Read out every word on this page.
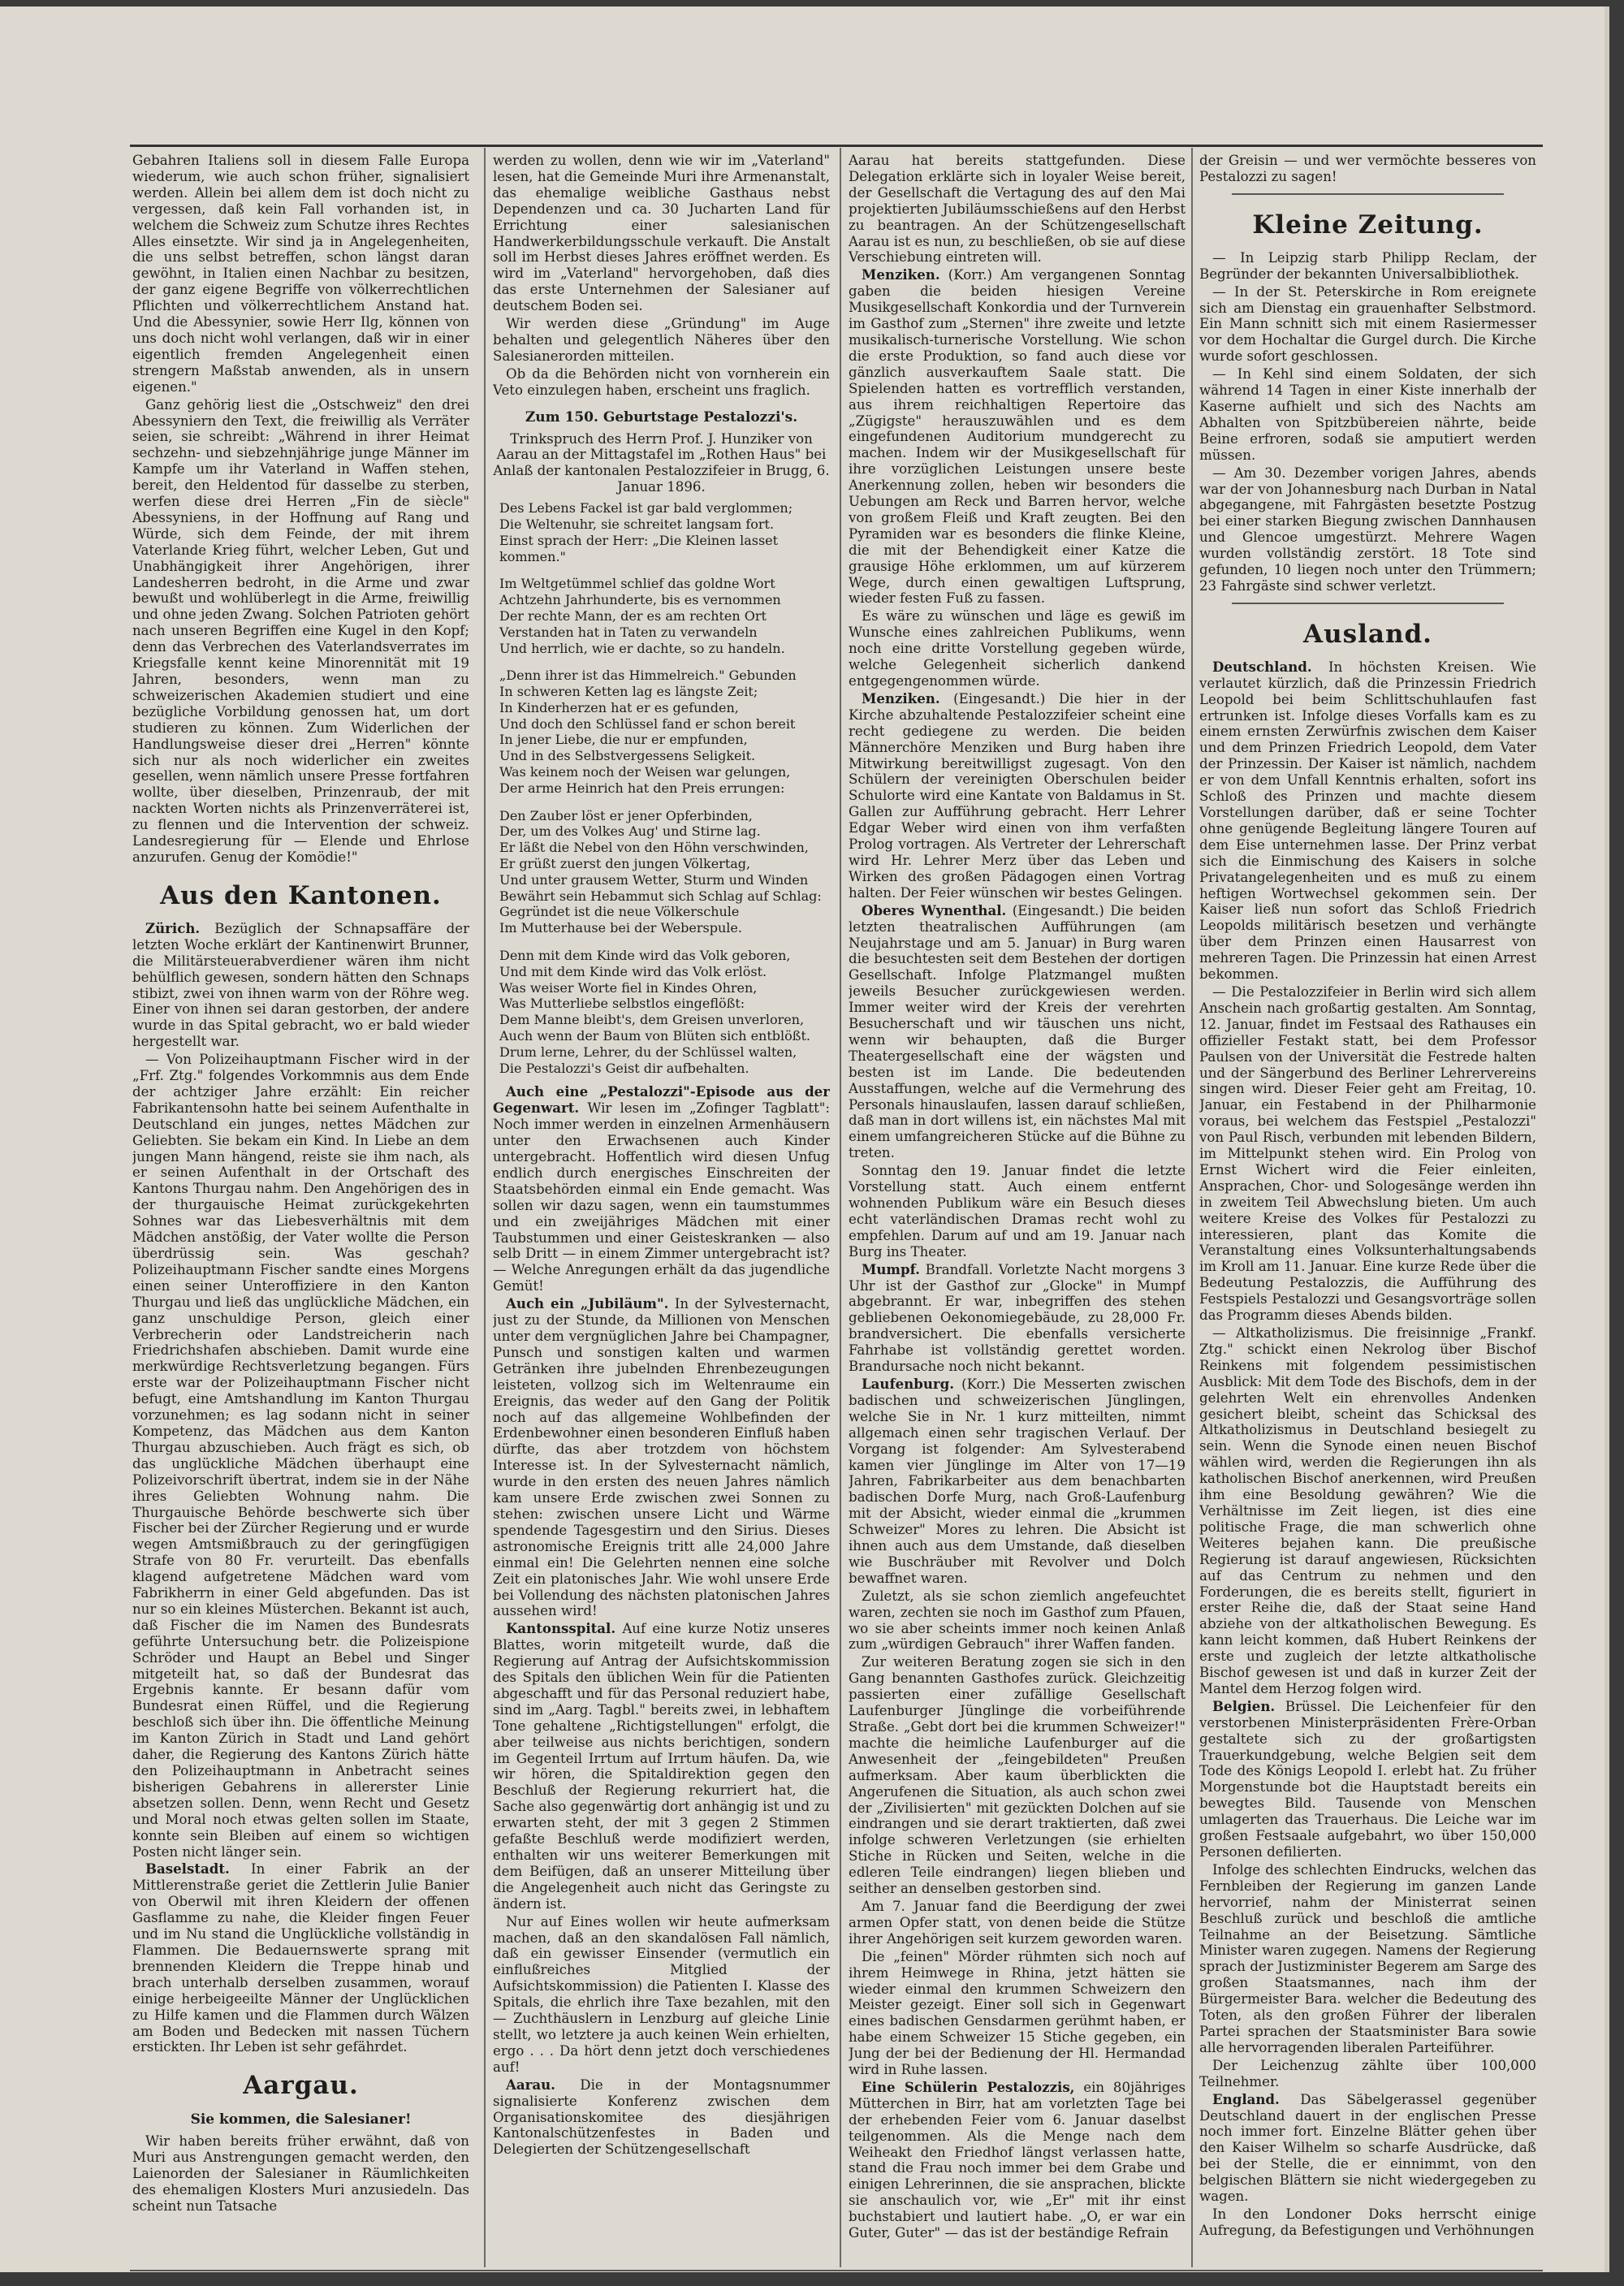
Gebahren Italiens soll in diesem Falle Europa wiederum, wie auch schon früher, signalisiert werden. Allein bei allem dem ist doch nicht zu vergessen, daß kein Fall vorhanden ist, in welchem die Schweiz zum Schutze ihres Rechtes Alles einsetzte. Wir sind ja in Angelegenheiten, die uns selbst betreffen, schon längst daran gewöhnt, in Italien einen Nachbar zu besitzen, der ganz eigene Begriffe von völkerrechtlichen Pflichten und völkerrechtlichem Anstand hat. Und die Abessynier, sowie Herr Ilg, können von uns doch nicht wohl verlangen, daß wir in einer eigentlich fremden Angelegenheit einen strengern Maßstab anwenden, als in unsern eigenen."

Ganz gehörig liest die „Ostschweiz" den drei Abessyniern den Text, die freiwillig als Verräter seien, sie schreibt: „Während in ihrer Heimat sechzehn- und siebzehnjährige junge Männer im Kampfe um ihr Vaterland in Waffen stehen, bereit, den Heldentod für dasselbe zu sterben, werfen diese drei Herren „Fin de siècle" Abessyniens, in der Hoffnung auf Rang und Würde, sich dem Feinde, der mit ihrem Vaterlande Krieg führt, welcher Leben, Gut und Unabhängigkeit ihrer Angehörigen, ihrer Landesherren bedroht, in die Arme und zwar bewußt und wohlüberlegt in die Arme, freiwillig und ohne jeden Zwang. Solchen Patrioten gehört nach unseren Begriffen eine Kugel in den Kopf; denn das Verbrechen des Vaterlandsverrates im Kriegsfalle kennt keine Minorennität mit 19 Jahren, besonders, wenn man zu schweizerischen Akademien studiert und eine bezügliche Vorbildung genossen hat, um dort studieren zu können. Zum Widerlichen der Handlungsweise dieser drei „Herren" könnte sich nur als noch widerlicher ein zweites gesellen, wenn nämlich unsere Presse fortfahren wollte, über dieselben, Prinzenraub, der mit nackten Worten nichts als Prinzenverräterei ist, zu flennen und die Intervention der schweiz. Landesregierung für — Elende und Ehrlose anzurufen. Genug der Komödie!"

Aus den Kantonen.

Zürich. Bezüglich der Schnapsaffäre der letzten Woche erklärt der Kantinenwirt Brunner, die Militärsteuerabverdiener wären ihm nicht behülflich gewesen, sondern hätten den Schnaps stibizt, zwei von ihnen warm von der Röhre weg. Einer von ihnen sei daran gestorben, der andere wurde in das Spital gebracht, wo er bald wieder hergestellt war.

— Von Polizeihauptmann Fischer wird in der „Frf. Ztg." folgendes Vorkommnis aus dem Ende der achtziger Jahre erzählt: Ein reicher Fabrikantensohn hatte bei seinem Aufenthalte in Deutschland ein junges, nettes Mädchen zur Geliebten. Sie bekam ein Kind. In Liebe an dem jungen Mann hängend, reiste sie ihm nach, als er seinen Aufenthalt in der Ortschaft des Kantons Thurgau nahm. Den Angehörigen des in der thurgauische Heimat zurückgekehrten Sohnes war das Liebesverhältnis mit dem Mädchen anstößig, der Vater wollte die Person überdrüssig sein. Was geschah? Polizeihauptmann Fischer sandte eines Morgens einen seiner Unteroffiziere in den Kanton Thurgau und ließ das unglückliche Mädchen, ein ganz unschuldige Person, gleich einer Verbrecherin oder Landstreicherin nach Friedrichshafen abschieben. Damit wurde eine merkwürdige Rechtsverletzung begangen. Fürs erste war der Polizeihauptmann Fischer nicht befugt, eine Amtshandlung im Kanton Thurgau vorzunehmen; es lag sodann nicht in seiner Kompetenz, das Mädchen aus dem Kanton Thurgau abzuschieben. Auch frägt es sich, ob das unglückliche Mädchen überhaupt eine Polizeivorschrift übertrat, indem sie in der Nähe ihres Geliebten Wohnung nahm. Die Thurgauische Behörde beschwerte sich über Fischer bei der Zürcher Regierung und er wurde wegen Amtsmißbrauch zu der geringfügigen Strafe von 80 Fr. verurteilt. Das ebenfalls klagend aufgetretene Mädchen ward vom Fabrikherrn in einer Geld abgefunden. Das ist nur so ein kleines Müsterchen. Bekannt ist auch, daß Fischer die im Namen des Bundesrats geführte Untersuchung betr. die Polizeispione Schröder und Haupt an Bebel und Singer mitgeteilt hat, so daß der Bundesrat das Ergebnis kannte. Er besann dafür vom Bundesrat einen Rüffel, und die Regierung beschloß sich über ihn. Die öffentliche Meinung im Kanton Zürich in Stadt und Land gehört daher, die Regierung des Kantons Zürich hätte den Polizeihauptmann in Anbetracht seines bisherigen Gebahrens in allererster Linie absetzen sollen. Denn, wenn Recht und Gesetz und Moral noch etwas gelten sollen im Staate, konnte sein Bleiben auf einem so wichtigen Posten nicht länger sein.

Baselstadt. In einer Fabrik an der Mittlerenstraße geriet die Zettlerin Julie Banier von Oberwil mit ihren Kleidern der offenen Gasflamme zu nahe, die Kleider fingen Feuer und im Nu stand die Unglückliche vollständig in Flammen. Die Bedauernswerte sprang mit brennenden Kleidern die Treppe hinab und brach unterhalb derselben zusammen, worauf einige herbeigeeilte Männer der Unglücklichen zu Hilfe kamen und die Flammen durch Wälzen am Boden und Bedecken mit nassen Tüchern erstickten. Ihr Leben ist sehr gefährdet.

Aargau.
Sie kommen, die Salesianer!

Wir haben bereits früher erwähnt, daß von Muri aus Anstrengungen gemacht werden, den Laienorden der Salesianer in Räumlichkeiten des ehemaligen Klosters Muri anzusiedeln. Das scheint nun Tatsache

werden zu wollen, denn wie wir im „Vaterland" lesen, hat die Gemeinde Muri ihre Armenanstalt, das ehemalige weibliche Gasthaus nebst Dependenzen und ca. 30 Jucharten Land für Errichtung einer salesianischen Handwerkerbildungsschule verkauft. Die Anstalt soll im Herbst dieses Jahres eröffnet werden. Es wird im „Vaterland" hervorgehoben, daß dies das erste Unternehmen der Salesianer auf deutschem Boden sei.

Wir werden diese „Gründung" im Auge behalten und gelegentlich Näheres über den Salesianerorden mitteilen.

Ob da die Behörden nicht von vornherein ein Veto einzulegen haben, erscheint uns fraglich.

Zum 150. Geburtstage Pestalozzi's.

Trinkspruch des Herrn Prof. J. Hunziker von Aarau an der Mittagstafel im „Rothen Haus" bei Anlaß der kantonalen Pestalozzifeier in Brugg, 6. Januar 1896.

Des Lebens Fackel ist gar bald verglommen;
Die Weltenuhr, sie schreitet langsam fort.
Einst sprach der Herr: „Die Kleinen lasset kommen."
Im Weltgetümmel schlief das goldne Wort
Achtzehn Jahrhunderte, bis es vernommen
Der rechte Mann, der es am rechten Ort
Verstanden hat in Taten zu verwandeln
Und herrlich, wie er dachte, so zu handeln.
„Denn ihrer ist das Himmelreich." Gebunden
In schweren Ketten lag es längste Zeit;
In Kinderherzen hat er es gefunden,
Und doch den Schlüssel fand er schon bereit
In jener Liebe, die nur er empfunden,
Und in des Selbstvergessens Seligkeit.
Was keinem noch der Weisen war gelungen,
Der arme Heinrich hat den Preis errungen:
Den Zauber löst er jener Opferbinden,
Der, um des Volkes Aug' und Stirne lag.
Er läßt die Nebel von den Höhn verschwinden,
Er grüßt zuerst den jungen Völkertag,
Und unter grausem Wetter, Sturm und Winden
Bewährt sein Hebammut sich Schlag auf Schlag:
Gegründet ist die neue Völkerschule
Im Mutterhause bei der Weberspule.
Denn mit dem Kinde wird das Volk geboren,
Und mit dem Kinde wird das Volk erlöst.
Was weiser Worte fiel in Kindes Ohren,
Was Mutterliebe selbstlos eingeflößt:
Dem Manne bleibt's, dem Greisen unverloren,
Auch wenn der Baum von Blüten sich entblößt.
Drum lerne, Lehrer, du der Schlüssel walten,
Die Pestalozzi's Geist dir aufbehalten.

Auch eine „Pestalozzi"-Episode aus der Gegenwart. Wir lesen im „Zofinger Tagblatt": Noch immer werden in einzelnen Armenhäusern unter den Erwachsenen auch Kinder untergebracht. Hoffentlich wird diesen Unfug endlich durch energisches Einschreiten der Staatsbehörden einmal ein Ende gemacht. Was sollen wir dazu sagen, wenn ein taumstummes und ein zweijähriges Mädchen mit einer Taubstummen und einer Geisteskranken — also selb Dritt — in einem Zimmer untergebracht ist? — Welche Anregungen erhält da das jugendliche Gemüt!

Auch ein „Jubiläum". In der Sylvesternacht, just zu der Stunde, da Millionen von Menschen unter dem vergnüglichen Jahre bei Champagner, Punsch und sonstigen kalten und warmen Getränken ihre jubelnden Ehrenbezeugungen leisteten, vollzog sich im Weltenraume ein Ereignis, das weder auf den Gang der Politik noch auf das allgemeine Wohlbefinden der Erdenbewohner einen besonderen Einfluß haben dürfte, das aber trotzdem von höchstem Interesse ist. In der Sylvesternacht nämlich, wurde in den ersten des neuen Jahres nämlich kam unsere Erde zwischen zwei Sonnen zu stehen: zwischen unsere Licht und Wärme spendende Tagesgestirn und den Sirius. Dieses astronomische Ereignis tritt alle 24,000 Jahre einmal ein! Die Gelehrten nennen eine solche Zeit ein platonisches Jahr. Wie wohl unsere Erde bei Vollendung des nächsten platonischen Jahres aussehen wird!

Kantonsspital. Auf eine kurze Notiz unseres Blattes, worin mitgeteilt wurde, daß die Regierung auf Antrag der Aufsichtskommission des Spitals den üblichen Wein für die Patienten abgeschafft und für das Personal reduziert habe, sind im „Aarg. Tagbl." bereits zwei, in lebhaftem Tone gehaltene „Richtigstellungen" erfolgt, die aber teilweise aus nichts berichtigen, sondern im Gegenteil Irrtum auf Irrtum häufen. Da, wie wir hören, die Spitaldirektion gegen den Beschluß der Regierung rekurriert hat, die Sache also gegenwärtig dort anhängig ist und zu erwarten steht, der mit 3 gegen 2 Stimmen gefaßte Beschluß werde modifiziert werden, enthalten wir uns weiterer Bemerkungen mit dem Beifügen, daß an unserer Mitteilung über die Angelegenheit auch nicht das Geringste zu ändern ist.

Nur auf Eines wollen wir heute aufmerksam machen, daß an den skandalösen Fall nämlich, daß ein gewisser Einsender (vermutlich ein einflußreiches Mitglied der Aufsichtskommission) die Patienten I. Klasse des Spitals, die ehrlich ihre Taxe bezahlen, mit den — Zuchthäuslern in Lenzburg auf gleiche Linie stellt, wo letztere ja auch keinen Wein erhielten, ergo . . . Da hört denn jetzt doch verschiedenes auf!

Aarau. Die in der Montagsnummer signalisierte Konferenz zwischen dem Organisationskomitee des diesjährigen Kantonalschützenfestes in Baden und Delegierten der Schützengesellschaft

Aarau hat bereits stattgefunden. Diese Delegation erklärte sich in loyaler Weise bereit, der Gesellschaft die Vertagung des auf den Mai projektierten Jubiläumsschießens auf den Herbst zu beantragen. An der Schützengesellschaft Aarau ist es nun, zu beschließen, ob sie auf diese Verschiebung eintreten will.

Menziken. (Korr.) Am vergangenen Sonntag gaben die beiden hiesigen Vereine Musikgesellschaft Konkordia und der Turnverein im Gasthof zum „Sternen" ihre zweite und letzte musikalisch-turnerische Vorstellung. Wie schon die erste Produktion, so fand auch diese vor gänzlich ausverkauftem Saale statt. Die Spielenden hatten es vortrefflich verstanden, aus ihrem reichhaltigen Repertoire das „Zügigste" herauszuwählen und es dem eingefundenen Auditorium mundgerecht zu machen. Indem wir der Musikgesellschaft für ihre vorzüglichen Leistungen unsere beste Anerkennung zollen, heben wir besonders die Uebungen am Reck und Barren hervor, welche von großem Fleiß und Kraft zeugten. Bei den Pyramiden war es besonders die flinke Kleine, die mit der Behendigkeit einer Katze die grausige Höhe erklommen, um auf kürzerem Wege, durch einen gewaltigen Luftsprung, wieder festen Fuß zu fassen.

Es wäre zu wünschen und läge es gewiß im Wunsche eines zahlreichen Publikums, wenn noch eine dritte Vorstellung gegeben würde, welche Gelegenheit sicherlich dankend entgegengenommen würde.

Menziken. (Eingesandt.) Die hier in der Kirche abzuhaltende Pestalozzifeier scheint eine recht gediegene zu werden. Die beiden Männerchöre Menziken und Burg haben ihre Mitwirkung bereitwilligst zugesagt. Von den Schülern der vereinigten Oberschulen beider Schulorte wird eine Kantate von Baldamus in St. Gallen zur Aufführung gebracht. Herr Lehrer Edgar Weber wird einen von ihm verfaßten Prolog vortragen. Als Vertreter der Lehrerschaft wird Hr. Lehrer Merz über das Leben und Wirken des großen Pädagogen einen Vortrag halten. Der Feier wünschen wir bestes Gelingen.

Oberes Wynenthal. (Eingesandt.) Die beiden letzten theatralischen Aufführungen (am Neujahrstage und am 5. Januar) in Burg waren die besuchtesten seit dem Bestehen der dortigen Gesellschaft. Infolge Platzmangel mußten jeweils Besucher zurückgewiesen werden. Immer weiter wird der Kreis der verehrten Besucherschaft und wir täuschen uns nicht, wenn wir behaupten, daß die Burger Theatergesellschaft eine der wägsten und besten ist im Lande. Die bedeutenden Ausstaffungen, welche auf die Vermehrung des Personals hinauslaufen, lassen darauf schließen, daß man in dort willens ist, ein nächstes Mal mit einem umfangreicheren Stücke auf die Bühne zu treten.

Sonntag den 19. Januar findet die letzte Vorstellung statt. Auch einem entfernt wohnenden Publikum wäre ein Besuch dieses echt vaterländischen Dramas recht wohl zu empfehlen. Darum auf und am 19. Januar nach Burg ins Theater.

Mumpf. Brandfall. Vorletzte Nacht morgens 3 Uhr ist der Gasthof zur „Glocke" in Mumpf abgebrannt. Er war, inbegriffen des stehen gebliebenen Oekonomiegebäude, zu 28,000 Fr. brandversichert. Die ebenfalls versicherte Fahrhabe ist vollständig gerettet worden. Brandursache noch nicht bekannt.

Laufenburg. (Korr.) Die Messerten zwischen badischen und schweizerischen Jünglingen, welche Sie in Nr. 1 kurz mitteilten, nimmt allgemach einen sehr tragischen Verlauf. Der Vorgang ist folgender: Am Sylvesterabend kamen vier Jünglinge im Alter von 17—19 Jahren, Fabrikarbeiter aus dem benachbarten badischen Dorfe Murg, nach Groß-Laufenburg mit der Absicht, wieder einmal die „krummen Schweizer" Mores zu lehren. Die Absicht ist ihnen auch aus dem Umstande, daß dieselben wie Buschräuber mit Revolver und Dolch bewaffnet waren.

Zuletzt, als sie schon ziemlich angefeuchtet waren, zechten sie noch im Gasthof zum Pfauen, wo sie aber scheints immer noch keinen Anlaß zum „würdigen Gebrauch" ihrer Waffen fanden.

Zur weiteren Beratung zogen sie sich in den Gang benannten Gasthofes zurück. Gleichzeitig passierten einer zufällige Gesellschaft Laufenburger Jünglinge die vorbeiführende Straße. „Gebt dort bei die krummen Schweizer!" machte die heimliche Laufenburger auf die Anwesenheit der „feingebildeten" Preußen aufmerksam. Aber kaum überblickten die Angerufenen die Situation, als auch schon zwei der „Zivilisierten" mit gezückten Dolchen auf sie eindrangen und sie derart traktierten, daß zwei infolge schweren Verletzungen (sie erhielten Stiche in Rücken und Seiten, welche in die edleren Teile eindrangen) liegen blieben und seither an denselben gestorben sind.

Am 7. Januar fand die Beerdigung der zwei armen Opfer statt, von denen beide die Stütze ihrer Angehörigen seit kurzem geworden waren.

Die „feinen" Mörder rühmten sich noch auf ihrem Heimwege in Rhina, jetzt hätten sie wieder einmal den krummen Schweizern den Meister gezeigt. Einer soll sich in Gegenwart eines badischen Gensdarmen gerühmt haben, er habe einem Schweizer 15 Stiche gegeben, ein Jung der bei der Bedienung der Hl. Hermandad wird in Ruhe lassen.

Eine Schülerin Pestalozzis, ein 80jähriges Mütterchen in Birr, hat am vorletzten Tage bei der erhebenden Feier vom 6. Januar daselbst teilgenommen. Als die Menge nach dem Weiheakt den Friedhof längst verlassen hatte, stand die Frau noch immer bei dem Grabe und einigen Lehrerinnen, die sie ansprachen, blickte sie anschaulich vor, wie „Er" mit ihr einst buchstabiert und lautiert habe. „O, er war ein Guter, Guter" — das ist der beständige Refrain

der Greisin — und wer vermöchte besseres von Pestalozzi zu sagen!

Kleine Zeitung.

— In Leipzig starb Philipp Reclam, der Begründer der bekannten Universalbibliothek.

— In der St. Peterskirche in Rom ereignete sich am Dienstag ein grauenhafter Selbstmord. Ein Mann schnitt sich mit einem Rasiermesser vor dem Hochaltar die Gurgel durch. Die Kirche wurde sofort geschlossen.

— In Kehl sind einem Soldaten, der sich während 14 Tagen in einer Kiste innerhalb der Kaserne aufhielt und sich des Nachts am Abhalten von Spitzbübereien nährte, beide Beine erfroren, sodaß sie amputiert werden müssen.

— Am 30. Dezember vorigen Jahres, abends war der von Johannesburg nach Durban in Natal abgegangene, mit Fahrgästen besetzte Postzug bei einer starken Biegung zwischen Dannhausen und Glencoe umgestürzt. Mehrere Wagen wurden vollständig zerstört. 18 Tote sind gefunden, 10 liegen noch unter den Trümmern; 23 Fahrgäste sind schwer verletzt.

Ausland.

Deutschland. In höchsten Kreisen. Wie verlautet kürzlich, daß die Prinzessin Friedrich Leopold bei beim Schlittschuhlaufen fast ertrunken ist. Infolge dieses Vorfalls kam es zu einem ernsten Zerwürfnis zwischen dem Kaiser und dem Prinzen Friedrich Leopold, dem Vater der Prinzessin. Der Kaiser ist nämlich, nachdem er von dem Unfall Kenntnis erhalten, sofort ins Schloß des Prinzen und machte diesem Vorstellungen darüber, daß er seine Tochter ohne genügende Begleitung längere Touren auf dem Eise unternehmen lasse. Der Prinz verbat sich die Einmischung des Kaisers in solche Privatangelegenheiten und es muß zu einem heftigen Wortwechsel gekommen sein. Der Kaiser ließ nun sofort das Schloß Friedrich Leopolds militärisch besetzen und verhängte über dem Prinzen einen Hausarrest von mehreren Tagen. Die Prinzessin hat einen Arrest bekommen.

— Die Pestalozzifeier in Berlin wird sich allem Anschein nach großartig gestalten. Am Sonntag, 12. Januar, findet im Festsaal des Rathauses ein offizieller Festakt statt, bei dem Professor Paulsen von der Universität die Festrede halten und der Sängerbund des Berliner Lehrervereins singen wird. Dieser Feier geht am Freitag, 10. Januar, ein Festabend in der Philharmonie voraus, bei welchem das Festspiel „Pestalozzi" von Paul Risch, verbunden mit lebenden Bildern, im Mittelpunkt stehen wird. Ein Prolog von Ernst Wichert wird die Feier einleiten, Ansprachen, Chor- und Sologesänge werden ihn in zweitem Teil Abwechslung bieten. Um auch weitere Kreise des Volkes für Pestalozzi zu interessieren, plant das Komite die Veranstaltung eines Volksunterhaltungsabends im Kroll am 11. Januar. Eine kurze Rede über die Bedeutung Pestalozzis, die Aufführung des Festspiels Pestalozzi und Gesangsvorträge sollen das Programm dieses Abends bilden.

— Altkatholizismus. Die freisinnige „Frankf. Ztg." schickt einen Nekrolog über Bischof Reinkens mit folgendem pessimistischen Ausblick: Mit dem Tode des Bischofs, dem in der gelehrten Welt ein ehrenvolles Andenken gesichert bleibt, scheint das Schicksal des Altkatholizismus in Deutschland besiegelt zu sein. Wenn die Synode einen neuen Bischof wählen wird, werden die Regierungen ihn als katholischen Bischof anerkennen, wird Preußen ihm eine Besoldung gewähren? Wie die Verhältnisse im Zeit liegen, ist dies eine politische Frage, die man schwerlich ohne Weiteres bejahen kann. Die preußische Regierung ist darauf angewiesen, Rücksichten auf das Centrum zu nehmen und den Forderungen, die es bereits stellt, figuriert in erster Reihe die, daß der Staat seine Hand abziehe von der altkatholischen Bewegung. Es kann leicht kommen, daß Hubert Reinkens der erste und zugleich der letzte altkatholische Bischof gewesen ist und daß in kurzer Zeit der Mantel dem Herzog folgen wird.

Belgien. Brüssel. Die Leichenfeier für den verstorbenen Ministerpräsidenten Frère-Orban gestaltete sich zu der großartigsten Trauerkundgebung, welche Belgien seit dem Tode des Königs Leopold I. erlebt hat. Zu früher Morgenstunde bot die Hauptstadt bereits ein bewegtes Bild. Tausende von Menschen umlagerten das Trauerhaus. Die Leiche war im großen Festsaale aufgebahrt, wo über 150,000 Personen defilierten.

Infolge des schlechten Eindrucks, welchen das Fernbleiben der Regierung im ganzen Lande hervorrief, nahm der Ministerrat seinen Beschluß zurück und beschloß die amtliche Teilnahme an der Beisetzung. Sämtliche Minister waren zugegen. Namens der Regierung sprach der Justizminister Begerem am Sarge des großen Staatsmannes, nach ihm der Bürgermeister Bara. welcher die Bedeutung des Toten, als den großen Führer der liberalen Partei sprachen der Staatsminister Bara sowie alle hervorragenden liberalen Parteiführer.

Der Leichenzug zählte über 100,000 Teilnehmer.

England. Das Säbelgerassel gegenüber Deutschland dauert in der englischen Presse noch immer fort. Einzelne Blätter gehen über den Kaiser Wilhelm so scharfe Ausdrücke, daß bei der Stelle, die er einnimmt, von den belgischen Blättern sie nicht wiedergegeben zu wagen.

In den Londoner Doks herrscht einige Aufregung, da Befestigungen und Verhöhnungen
